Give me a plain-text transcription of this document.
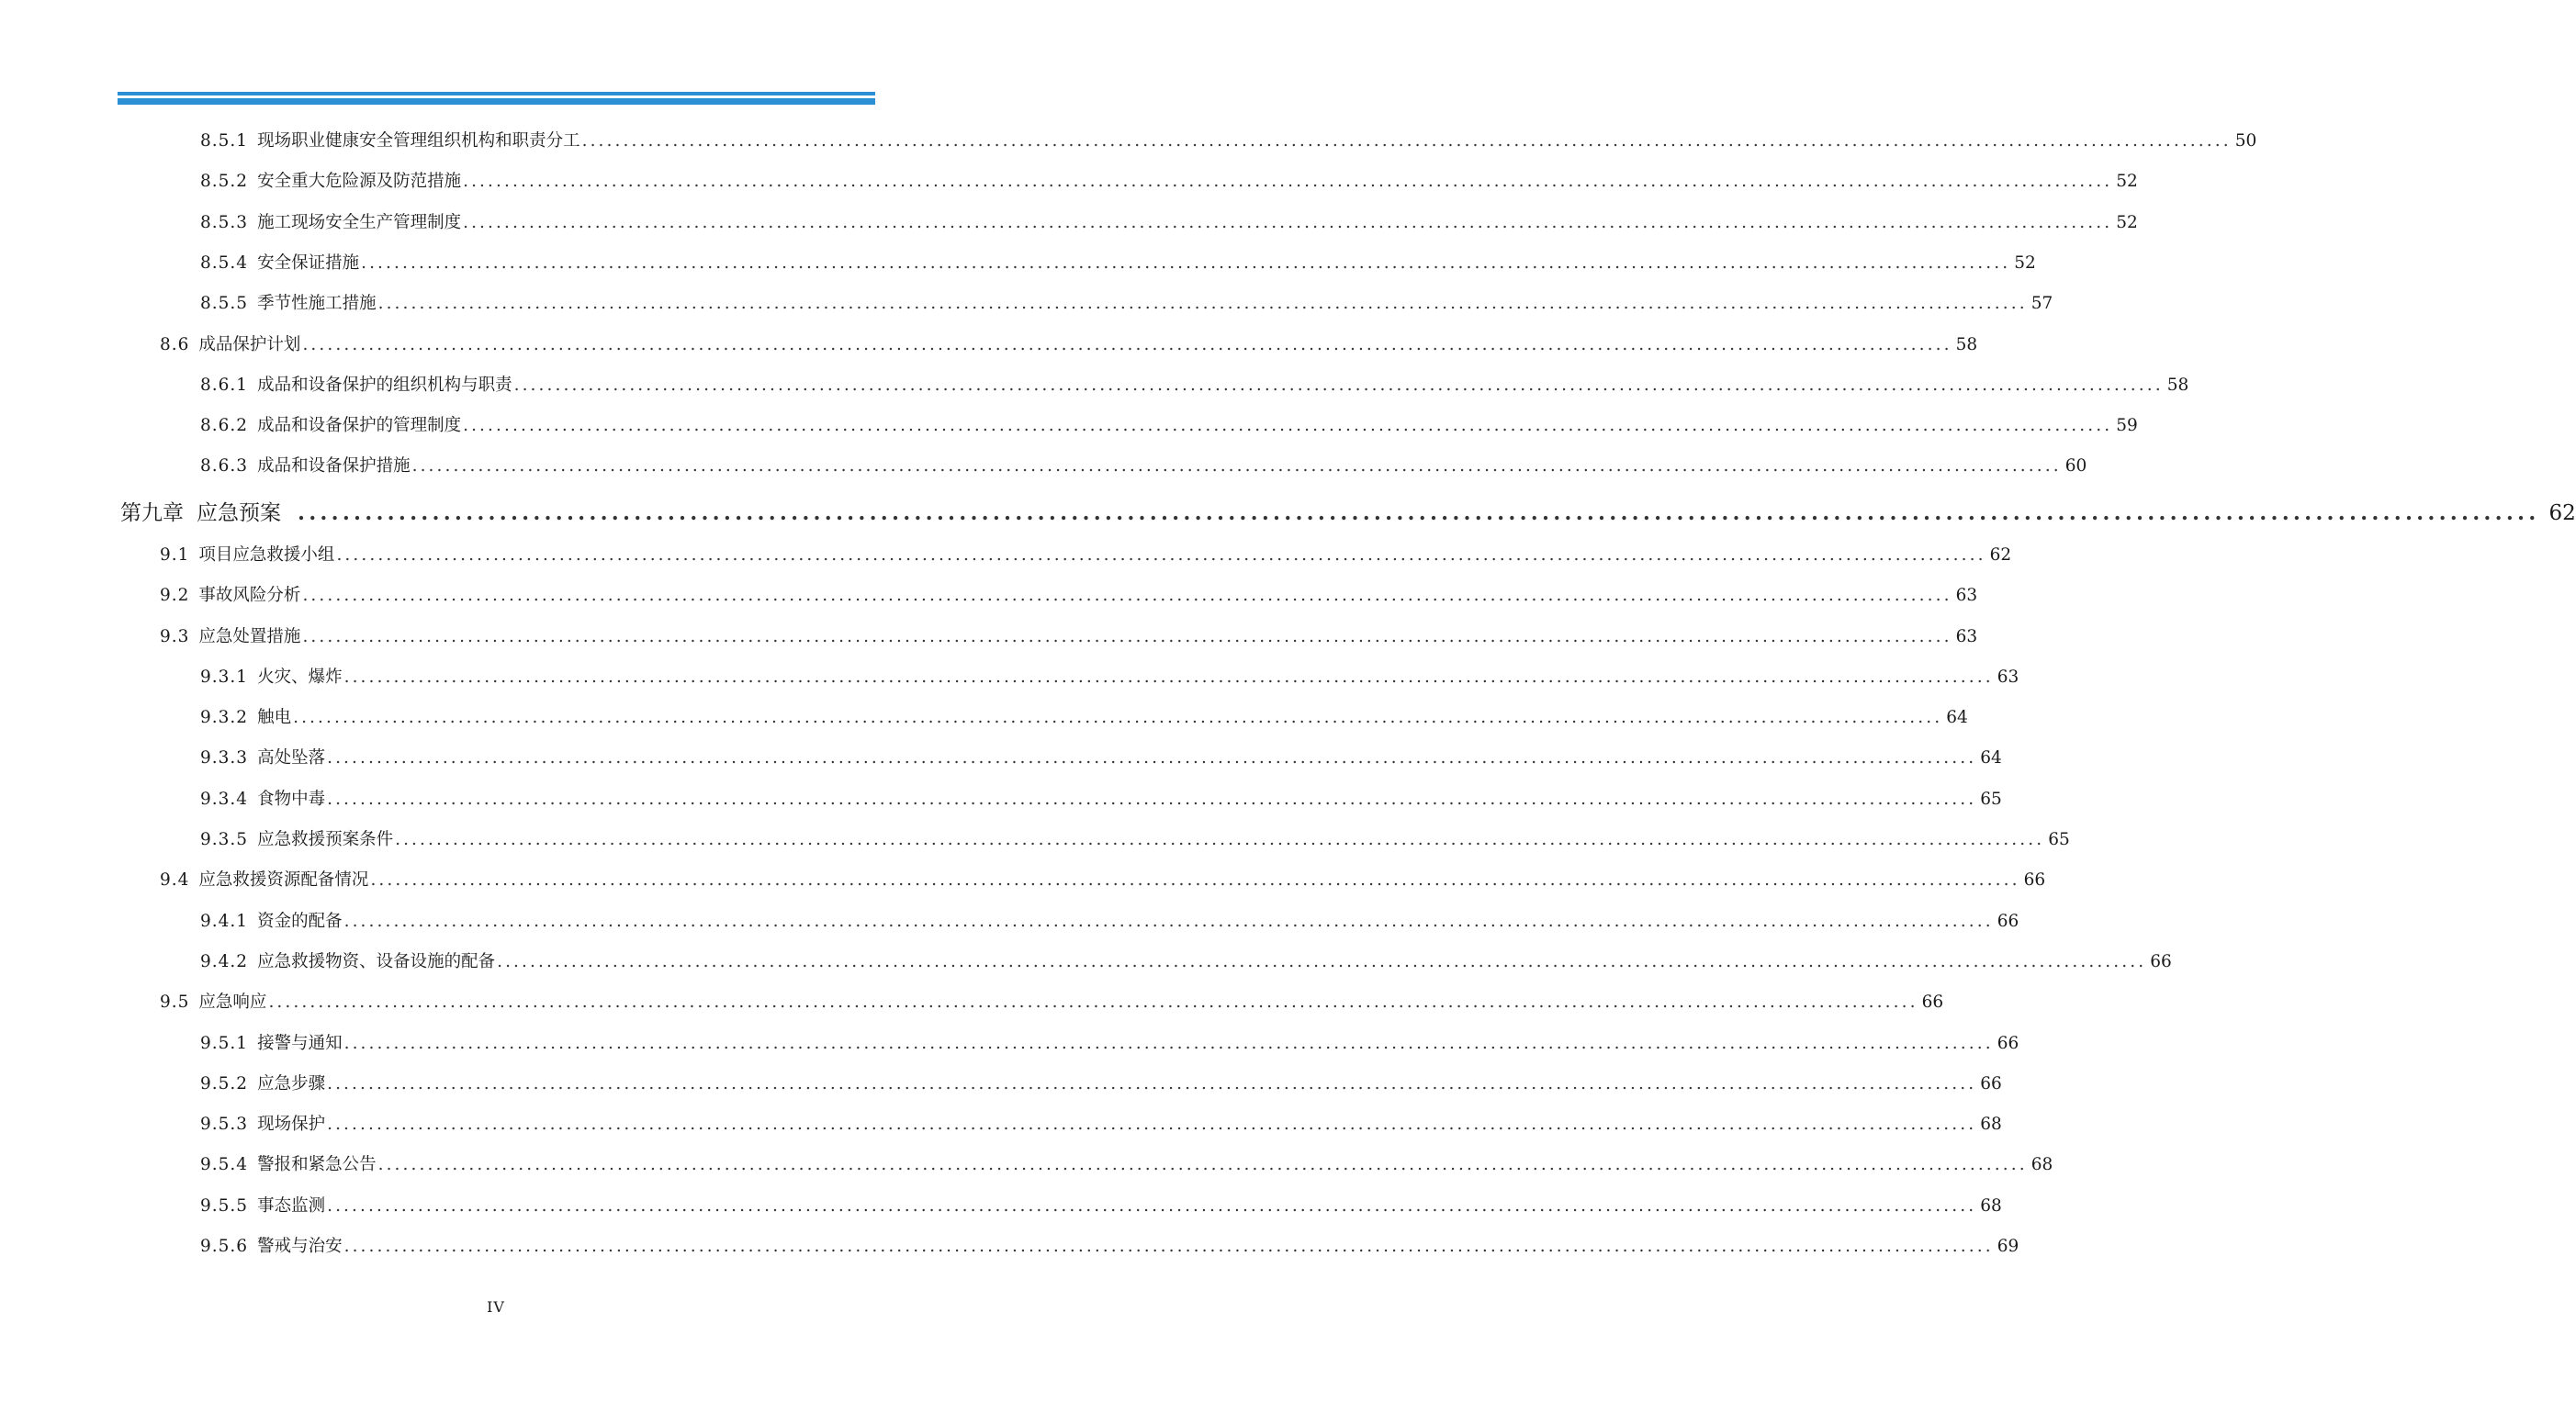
8.5.1 现场职业健康安全管理组织机构和职责分工 ........................................................................................................................................................................................................ 50
8.5.2 安全重大危险源及防范措施 ........................................................................................................................................................................................................ 52
8.5.3 施工现场安全生产管理制度 ........................................................................................................................................................................................................ 52
8.5.4 安全保证措施 ........................................................................................................................................................................................................ 52
8.5.5 季节性施工措施 ........................................................................................................................................................................................................ 57
8.6 成品保护计划 ........................................................................................................................................................................................................ 58
8.6.1 成品和设备保护的组织机构与职责 ........................................................................................................................................................................................................ 58
8.6.2 成品和设备保护的管理制度 ........................................................................................................................................................................................................ 59
8.6.3 成品和设备保护措施 ........................................................................................................................................................................................................ 60
第九章 应急预案 ........................................................................................................................................................................................................ 62
9.1 项目应急救援小组 ........................................................................................................................................................................................................ 62
9.2 事故风险分析 ........................................................................................................................................................................................................ 63
9.3 应急处置措施 ........................................................................................................................................................................................................ 63
9.3.1 火灾、爆炸 ........................................................................................................................................................................................................ 63
9.3.2 触电 ........................................................................................................................................................................................................ 64
9.3.3 高处坠落 ........................................................................................................................................................................................................ 64
9.3.4 食物中毒 ........................................................................................................................................................................................................ 65
9.3.5 应急救援预案条件 ........................................................................................................................................................................................................ 65
9.4 应急救援资源配备情况 ........................................................................................................................................................................................................ 66
9.4.1 资金的配备 ........................................................................................................................................................................................................ 66
9.4.2 应急救援物资、设备设施的配备 ........................................................................................................................................................................................................ 66
9.5 应急响应 ........................................................................................................................................................................................................ 66
9.5.1 接警与通知 ........................................................................................................................................................................................................ 66
9.5.2 应急步骤 ........................................................................................................................................................................................................ 66
9.5.3 现场保护 ........................................................................................................................................................................................................ 68
9.5.4 警报和紧急公告 ........................................................................................................................................................................................................ 68
9.5.5 事态监测 ........................................................................................................................................................................................................ 68
9.5.6 警戒与治安 ........................................................................................................................................................................................................ 69
IV
